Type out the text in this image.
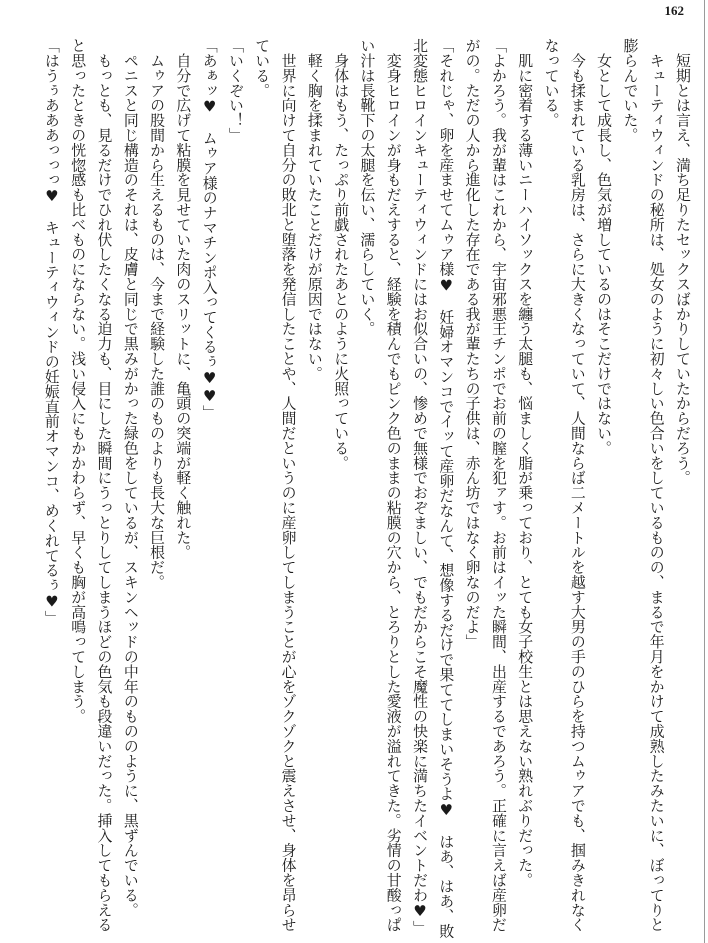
162
　短期とは言え、満ち足りたセックスばかりしていたからだろう。
　キューティウィンドの秘所は、処女のように初々しい色合いをしているものの、まるで年月をかけて成熟したみたいに、ぼってりと
膨らんでいた。
　女として成長し、色気が増しているのはそこだけではない。
　今も揉まれている乳房は、さらに大きくなっていて、人間ならば二メートルを越す大男の手のひらを持つムゥアでも、掴みきれなく
なっている。
　肌に密着する薄いニーハイソックスを纏う太腿も、悩ましく脂が乗っており、とても女子校生とは思えない熟れぶりだった。
「よかろう。我が輩はこれから、宇宙邪悪王チンポでお前の膣を犯ァす。お前はイッた瞬間、出産するであろう。正確に言えば産卵だ
がの。ただの人から進化した存在である我が輩たちの子供は、赤ん坊ではなく卵なのだよ」
「それじゃ、卵を産ませてムゥア様♥　妊婦オマンコでイッて産卵だなんて、想像するだけで果ててしまいそうよ♥　はあ、はあ、敗
北変態ヒロインキューティウィンドにはお似合いの、惨めで無様でおぞましい、でもだからこそ魔性の快楽に満ちたイベントだわ♥」
　変身ヒロインが身もだえすると、経験を積んでもピンク色のままの粘膜の穴から、とろりとした愛液が溢れてきた。劣情の甘酸っぱ
い汁は長靴下の太腿を伝い、濡らしていく。
　身体はもう、たっぷり前戯されたあとのように火照っている。
　軽く胸を揉まれていたことだけが原因ではない。
　世界に向けて自分の敗北と堕落を発信したことや、人間だというのに産卵してしまうことが心をゾクゾクと震えさせ、身体を昂らせ
ている。
「いくぞい！」
「あぁッ♥　ムゥア様のナマチンポ入ってくるぅ♥♥」
　自分で広げて粘膜を見せていた肉のスリットに、亀頭の突端が軽く触れた。
　ムゥアの股間から生えるものは、今まで経験した誰のものよりも長大な巨根だ。
　ペニスと同じ構造のそれは、皮膚と同じで黒みがかった緑色をしているが、スキンヘッドの中年のもののように、黒ずんでいる。
　もっとも、見るだけでひれ伏したくなる迫力も、目にした瞬間にうっとりしてしまうほどの色気も段違いだった。挿入してもらえる
と思ったときの恍惚感も比べものにならない。浅い侵入にもかかわらず、早くも胸が高鳴ってしまう。
「はうぅあああっっっ♥　キューティウィンドの妊娠直前オマンコ、めくれてるぅ♥」
